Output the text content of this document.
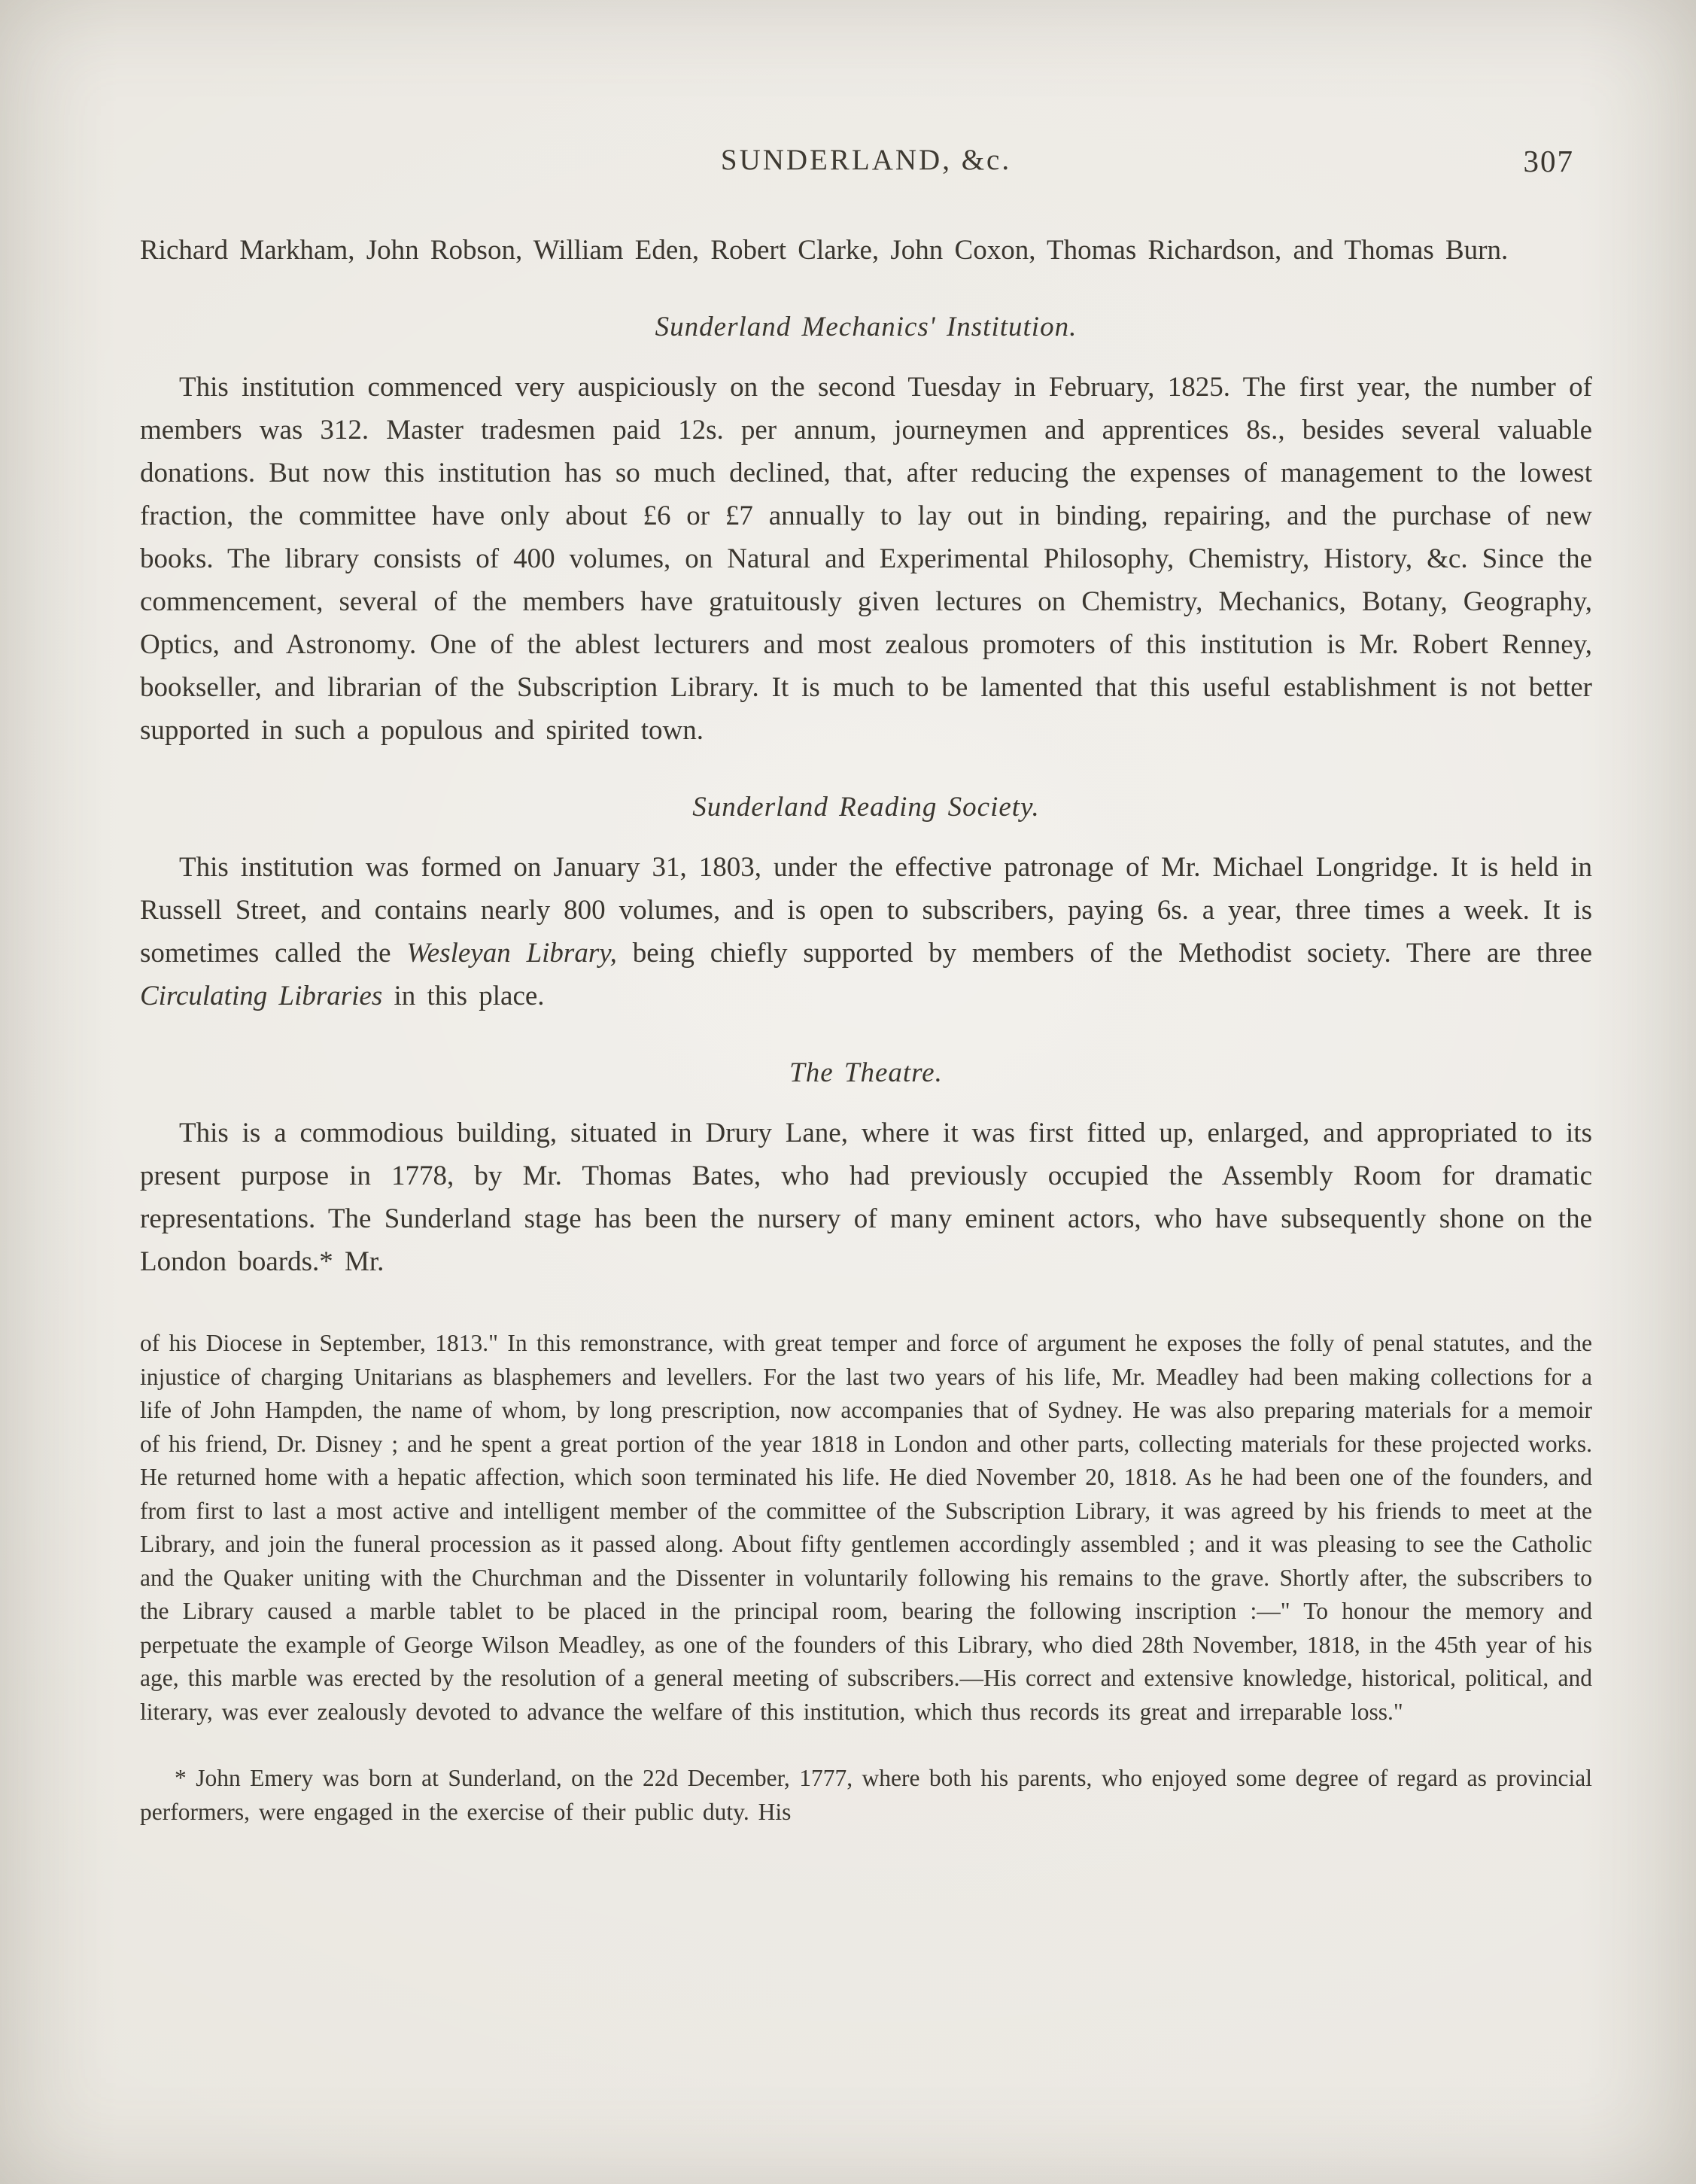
SUNDERLAND, &c.	307

Richard Markham, John Robson, William Eden, Robert Clarke, John Coxon, Thomas Richardson, and Thomas Burn.

Sunderland Mechanics' Institution.

This institution commenced very auspiciously on the second Tuesday in February, 1825. The first year, the number of members was 312. Master tradesmen paid 12s. per annum, journeymen and apprentices 8s., besides several valuable donations. But now this institution has so much declined, that, after reducing the expenses of management to the lowest fraction, the committee have only about £6 or £7 annually to lay out in binding, repairing, and the purchase of new books. The library consists of 400 volumes, on Natural and Experimental Philosophy, Chemistry, History, &c. Since the commencement, several of the members have gratuitously given lectures on Chemistry, Mechanics, Botany, Geography, Optics, and Astronomy. One of the ablest lecturers and most zealous promoters of this institution is Mr. Robert Renney, bookseller, and librarian of the Subscription Library. It is much to be lamented that this useful establishment is not better supported in such a populous and spirited town.

Sunderland Reading Society.

This institution was formed on January 31, 1803, under the effective patronage of Mr. Michael Longridge. It is held in Russell Street, and contains nearly 800 volumes, and is open to subscribers, paying 6s. a year, three times a week. It is sometimes called the Wesleyan Library, being chiefly supported by members of the Methodist society. There are three Circulating Libraries in this place.

The Theatre.

This is a commodious building, situated in Drury Lane, where it was first fitted up, enlarged, and appropriated to its present purpose in 1778, by Mr. Thomas Bates, who had previously occupied the Assembly Room for dramatic representations. The Sunderland stage has been the nursery of many eminent actors, who have subsequently shone on the London boards.* Mr.

of his Diocese in September, 1813." In this remonstrance, with great temper and force of argument he exposes the folly of penal statutes, and the injustice of charging Unitarians as blasphemers and levellers. For the last two years of his life, Mr. Meadley had been making collections for a life of John Hampden, the name of whom, by long prescription, now accompanies that of Sydney. He was also preparing materials for a memoir of his friend, Dr. Disney ; and he spent a great portion of the year 1818 in London and other parts, collecting materials for these projected works. He returned home with a hepatic affection, which soon terminated his life. He died November 20, 1818. As he had been one of the founders, and from first to last a most active and intelligent member of the committee of the Subscription Library, it was agreed by his friends to meet at the Library, and join the funeral procession as it passed along. About fifty gentlemen accordingly assembled ; and it was pleasing to see the Catholic and the Quaker uniting with the Churchman and the Dissenter in voluntarily following his remains to the grave. Shortly after, the subscribers to the Library caused a marble tablet to be placed in the principal room, bearing the following inscription :—" To honour the memory and perpetuate the example of George Wilson Meadley, as one of the founders of this Library, who died 28th November, 1818, in the 45th year of his age, this marble was erected by the resolution of a general meeting of subscribers.—His correct and extensive knowledge, historical, political, and literary, was ever zealously devoted to advance the welfare of this institution, which thus records its great and irreparable loss."

* John Emery was born at Sunderland, on the 22d December, 1777, where both his parents, who enjoyed some degree of regard as provincial performers, were engaged in the exercise of their public duty. His
